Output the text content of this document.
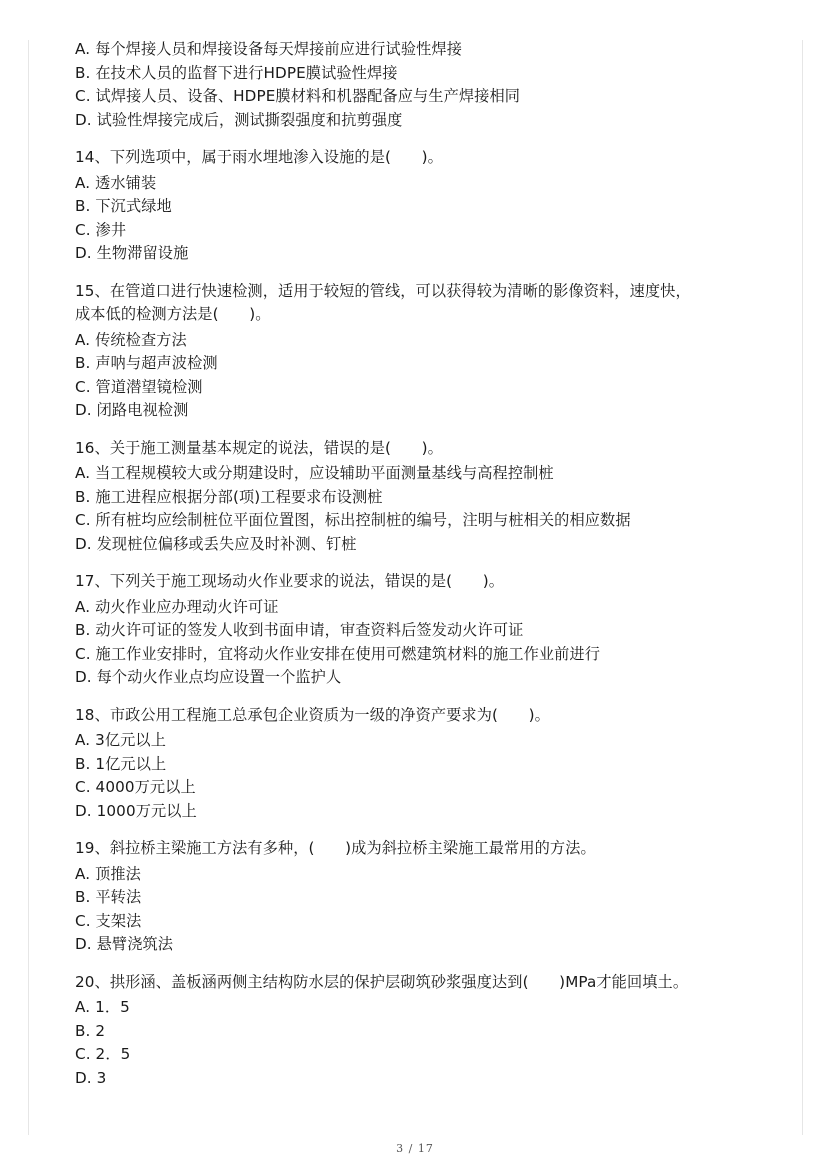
A. 每个焊接人员和焊接设备每天焊接前应进行试验性焊接
B. 在技术人员的监督下进行HDPE膜试验性焊接
C. 试焊接人员、设备、HDPE膜材料和机器配备应与生产焊接相同
D. 试验性焊接完成后，测试撕裂强度和抗剪强度
14、下列选项中，属于雨水埋地渗入设施的是(　　)。
A. 透水铺装
B. 下沉式绿地
C. 渗井
D. 生物滞留设施
15、在管道口进行快速检测，适用于较短的管线，可以获得较为清晰的影像资料，速度快，
成本低的检测方法是(　　)。
A. 传统检查方法
B. 声呐与超声波检测
C. 管道潜望镜检测
D. 闭路电视检测
16、关于施工测量基本规定的说法，错误的是(　　)。
A. 当工程规模较大或分期建设时，应设辅助平面测量基线与高程控制桩
B. 施工进程应根据分部(项)工程要求布设测桩
C. 所有桩均应绘制桩位平面位置图，标出控制桩的编号，注明与桩相关的相应数据
D. 发现桩位偏移或丢失应及时补测、钉桩
17、下列关于施工现场动火作业要求的说法，错误的是(　　)。
A. 动火作业应办理动火许可证
B. 动火许可证的签发人收到书面申请，审查资料后签发动火许可证
C. 施工作业安排时，宜将动火作业安排在使用可燃建筑材料的施工作业前进行
D. 每个动火作业点均应设置一个监护人
18、市政公用工程施工总承包企业资质为一级的净资产要求为(　　)。
A. 3亿元以上
B. 1亿元以上
C. 4000万元以上
D. 1000万元以上
19、斜拉桥主梁施工方法有多种，(　　)成为斜拉桥主梁施工最常用的方法。
A. 顶推法
B. 平转法
C. 支架法
D. 悬臂浇筑法
20、拱形涵、盖板涵两侧主结构防水层的保护层砌筑砂浆强度达到(　　)MPa才能回填土。
A. 1．5
B. 2
C. 2．5
D. 3
3 / 17
